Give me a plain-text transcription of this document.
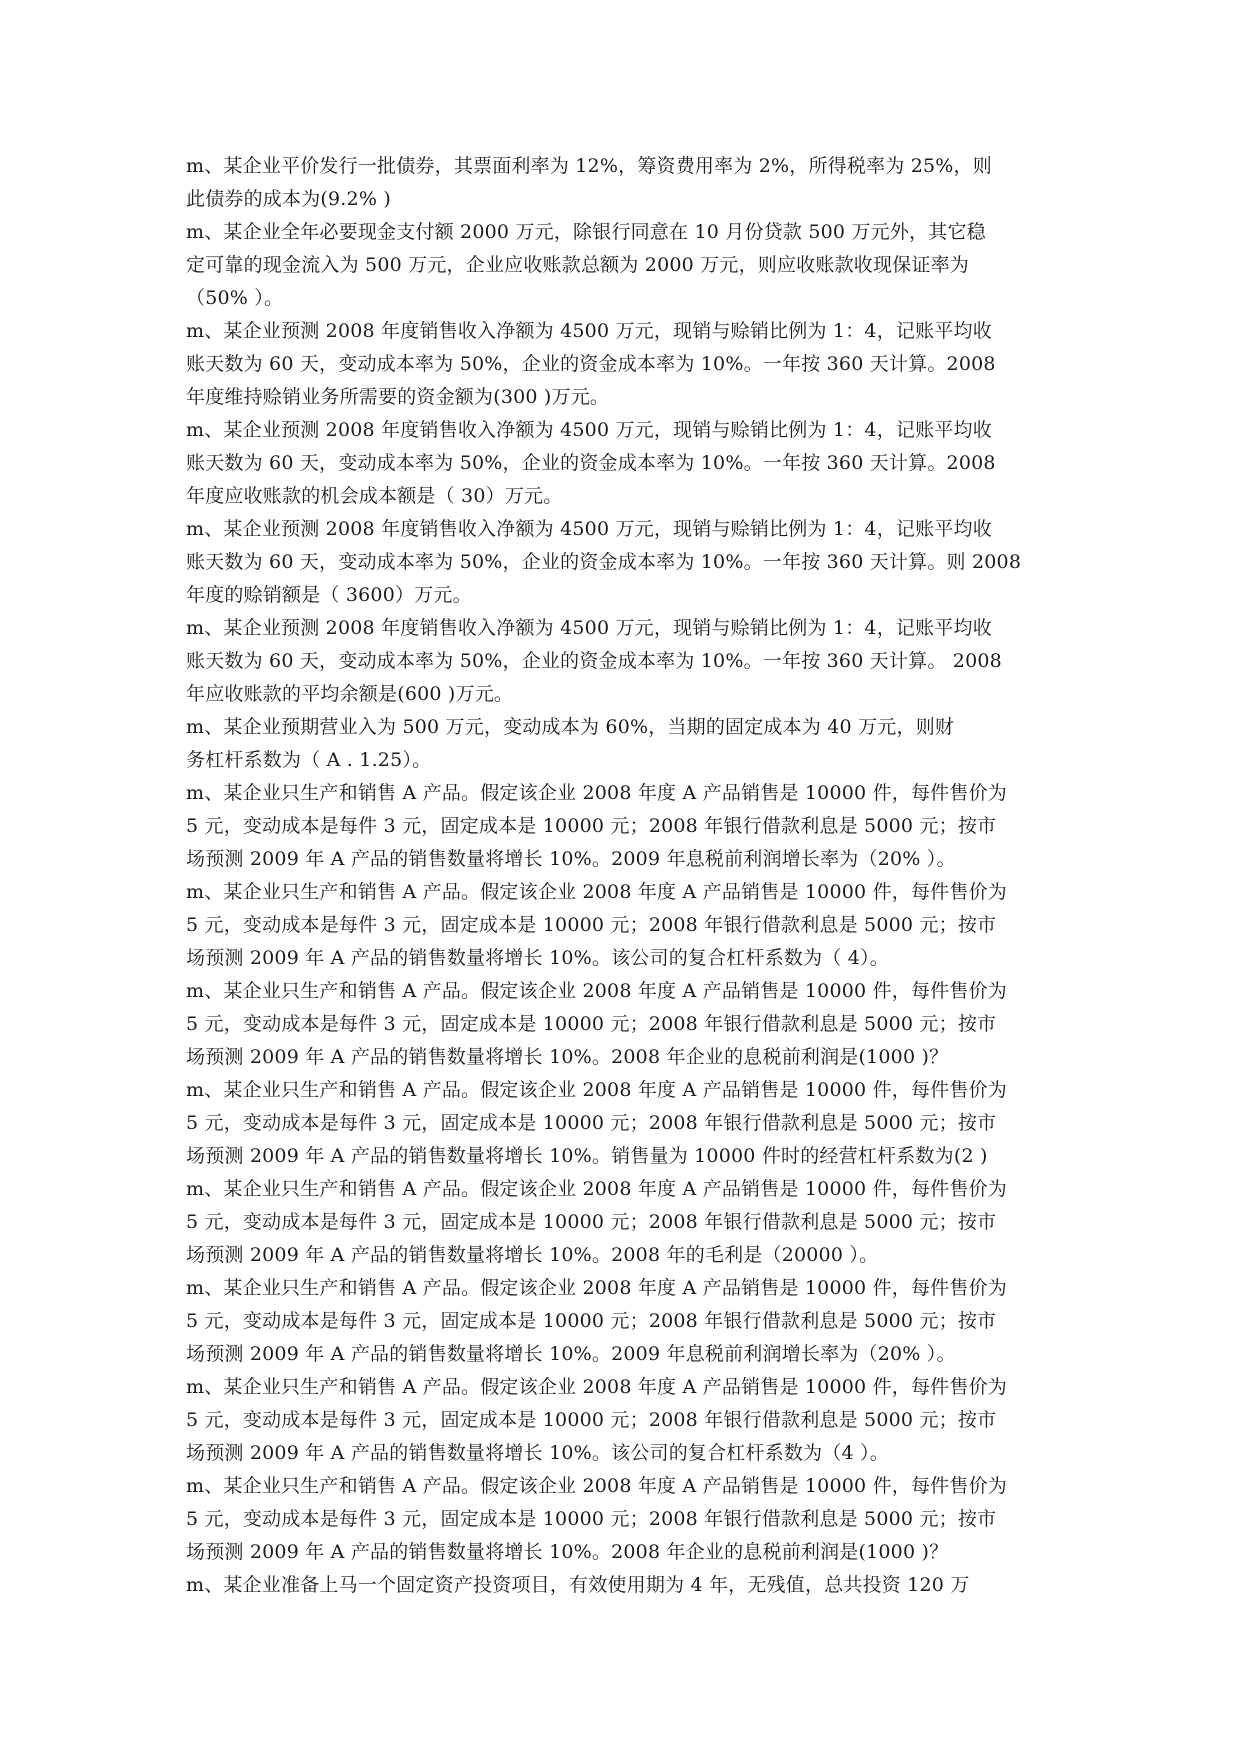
m、某企业平价发行一批债券，其票面利率为 12%，筹资费用率为 2%，所得税率为 25%，则
此债券的成本为(9.2% )
m、某企业全年必要现金支付额 2000 万元，除银行同意在 10 月份贷款 500 万元外，其它稳
定可靠的现金流入为 500 万元，企业应收账款总额为 2000 万元，则应收账款收现保证率为
（50% ）。
m、某企业预测 2008 年度销售收入净额为 4500 万元，现销与赊销比例为 1：4，记账平均收
账天数为 60 天，变动成本率为 50%，企业的资金成本率为 10%。一年按 360 天计算。2008
年度维持赊销业务所需要的资金额为(300 )万元。
m、某企业预测 2008 年度销售收入净额为 4500 万元，现销与赊销比例为 1：4，记账平均收
账天数为 60 天，变动成本率为 50%，企业的资金成本率为 10%。一年按 360 天计算。2008
年度应收账款的机会成本额是（ 30）万元。
m、某企业预测 2008 年度销售收入净额为 4500 万元，现销与赊销比例为 1：4，记账平均收
账天数为 60 天，变动成本率为 50%，企业的资金成本率为 10%。一年按 360 天计算。则 2008
年度的赊销额是（ 3600）万元。
m、某企业预测 2008 年度销售收入净额为 4500 万元，现销与赊销比例为 1：4，记账平均收
账天数为 60 天，变动成本率为 50%，企业的资金成本率为 10%。一年按 360 天计算。 2008
年应收账款的平均余额是(600 )万元。
m、某企业预期营业入为 500 万元，变动成本为 60%，当期的固定成本为 40 万元，则财
务杠杆系数为（ A . 1.25）。
m、某企业只生产和销售 A 产品。假定该企业 2008 年度 A 产品销售是 10000 件，每件售价为
5 元，变动成本是每件 3 元，固定成本是 10000 元；2008 年银行借款利息是 5000 元；按市
场预测 2009 年 A 产品的销售数量将增长 10%。2009 年息税前利润增长率为（20% ）。
m、某企业只生产和销售 A 产品。假定该企业 2008 年度 A 产品销售是 10000 件，每件售价为
5 元，变动成本是每件 3 元，固定成本是 10000 元；2008 年银行借款利息是 5000 元；按市
场预测 2009 年 A 产品的销售数量将增长 10%。该公司的复合杠杆系数为（ 4）。
m、某企业只生产和销售 A 产品。假定该企业 2008 年度 A 产品销售是 10000 件，每件售价为
5 元，变动成本是每件 3 元，固定成本是 10000 元；2008 年银行借款利息是 5000 元；按市
场预测 2009 年 A 产品的销售数量将增长 10%。2008 年企业的息税前利润是(1000 )？
m、某企业只生产和销售 A 产品。假定该企业 2008 年度 A 产品销售是 10000 件，每件售价为
5 元，变动成本是每件 3 元，固定成本是 10000 元；2008 年银行借款利息是 5000 元；按市
场预测 2009 年 A 产品的销售数量将增长 10%。销售量为 10000 件时的经营杠杆系数为(2 )
m、某企业只生产和销售 A 产品。假定该企业 2008 年度 A 产品销售是 10000 件，每件售价为
5 元，变动成本是每件 3 元，固定成本是 10000 元；2008 年银行借款利息是 5000 元；按市
场预测 2009 年 A 产品的销售数量将增长 10%。2008 年的毛利是（20000 ）。
m、某企业只生产和销售 A 产品。假定该企业 2008 年度 A 产品销售是 10000 件，每件售价为
5 元，变动成本是每件 3 元，固定成本是 10000 元；2008 年银行借款利息是 5000 元；按市
场预测 2009 年 A 产品的销售数量将增长 10%。2009 年息税前利润增长率为（20% ）。
m、某企业只生产和销售 A 产品。假定该企业 2008 年度 A 产品销售是 10000 件，每件售价为
5 元，变动成本是每件 3 元，固定成本是 10000 元；2008 年银行借款利息是 5000 元；按市
场预测 2009 年 A 产品的销售数量将增长 10%。该公司的复合杠杆系数为（4 ）。
m、某企业只生产和销售 A 产品。假定该企业 2008 年度 A 产品销售是 10000 件，每件售价为
5 元，变动成本是每件 3 元，固定成本是 10000 元；2008 年银行借款利息是 5000 元；按市
场预测 2009 年 A 产品的销售数量将增长 10%。2008 年企业的息税前利润是(1000 )？
m、某企业准备上马一个固定资产投资项目，有效使用期为 4 年，无残值，总共投资 120 万
